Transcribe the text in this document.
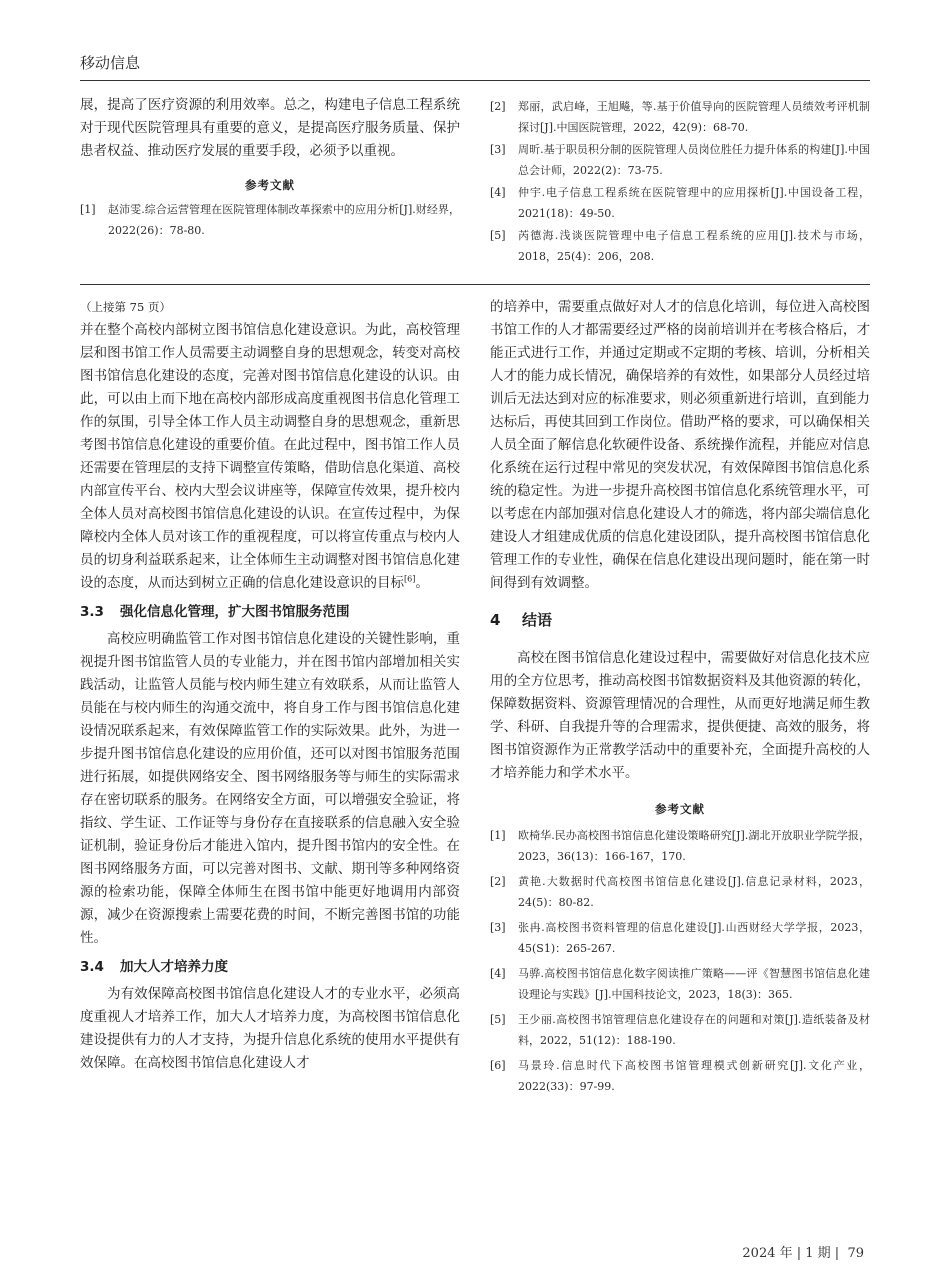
移动信息

展，提高了医疗资源的利用效率。总之，构建电子信息工程系统对于现代医院管理具有重要的意义，是提高医疗服务质量、保护患者权益、推动医疗发展的重要手段，必须予以重视。

参考文献

[1]	赵沛雯.综合运营管理在医院管理体制改革探索中的应用分析[J].财经界，2022(26)：78-80.
[2]	郑丽，武启峰，王旭飚，等.基于价值导向的医院管理人员绩效考评机制探讨[J].中国医院管理，2022，42(9)：68-70.
[3]	周昕.基于职员积分制的医院管理人员岗位胜任力提升体系的构建[J].中国总会计师，2022(2)：73-75.
[4]	仲宇.电子信息工程系统在医院管理中的应用探析[J].中国设备工程，2021(18)：49-50.
[5]	芮德海.浅谈医院管理中电子信息工程系统的应用[J].技术与市场，2018，25(4)：206，208.

（上接第 75 页）

并在整个高校内部树立图书馆信息化建设意识。为此，高校管理层和图书馆工作人员需要主动调整自身的思想观念，转变对高校图书馆信息化建设的态度，完善对图书馆信息化建设的认识。由此，可以由上而下地在高校内部形成高度重视图书信息化管理工作的氛围，引导全体工作人员主动调整自身的思想观念，重新思考图书馆信息化建设的重要价值。在此过程中，图书馆工作人员还需要在管理层的支持下调整宣传策略，借助信息化渠道、高校内部宣传平台、校内大型会议讲座等，保障宣传效果，提升校内全体人员对高校图书馆信息化建设的认识。在宣传过程中，为保障校内全体人员对该工作的重视程度，可以将宣传重点与校内人员的切身利益联系起来，让全体师生主动调整对图书馆信息化建设的态度，从而达到树立正确的信息化建设意识的目标[6]。

3.3 强化信息化管理，扩大图书馆服务范围

高校应明确监管工作对图书馆信息化建设的关键性影响，重视提升图书馆监管人员的专业能力，并在图书馆内部增加相关实践活动，让监管人员能与校内师生建立有效联系，从而让监管人员能在与校内师生的沟通交流中，将自身工作与图书馆信息化建设情况联系起来，有效保障监管工作的实际效果。此外，为进一步提升图书馆信息化建设的应用价值，还可以对图书馆服务范围进行拓展，如提供网络安全、图书网络服务等与师生的实际需求存在密切联系的服务。在网络安全方面，可以增强安全验证，将指纹、学生证、工作证等与身份存在直接联系的信息融入安全验证机制，验证身份后才能进入馆内，提升图书馆内的安全性。在图书网络服务方面，可以完善对图书、文献、期刊等多种网络资源的检索功能，保障全体师生在图书馆中能更好地调用内部资源，减少在资源搜索上需要花费的时间，不断完善图书馆的功能性。

3.4 加大人才培养力度

为有效保障高校图书馆信息化建设人才的专业水平，必须高度重视人才培养工作，加大人才培养力度，为高校图书馆信息化建设提供有力的人才支持，为提升信息化系统的使用水平提供有效保障。在高校图书馆信息化建设人才

的培养中，需要重点做好对人才的信息化培训，每位进入高校图书馆工作的人才都需要经过严格的岗前培训并在考核合格后，才能正式进行工作，并通过定期或不定期的考核、培训，分析相关人才的能力成长情况，确保培养的有效性，如果部分人员经过培训后无法达到对应的标准要求，则必须重新进行培训，直到能力达标后，再使其回到工作岗位。借助严格的要求，可以确保相关人员全面了解信息化软硬件设备、系统操作流程，并能应对信息化系统在运行过程中常见的突发状况，有效保障图书馆信息化系统的稳定性。为进一步提升高校图书馆信息化系统管理水平，可以考虑在内部加强对信息化建设人才的筛选，将内部尖端信息化建设人才组建成优质的信息化建设团队，提升高校图书馆信息化管理工作的专业性，确保在信息化建设出现问题时，能在第一时间得到有效调整。

4 结语

高校在图书馆信息化建设过程中，需要做好对信息化技术应用的全方位思考，推动高校图书馆数据资料及其他资源的转化，保障数据资料、资源管理情况的合理性，从而更好地满足师生教学、科研、自我提升等的合理需求，提供便捷、高效的服务，将图书馆资源作为正常教学活动中的重要补充，全面提升高校的人才培养能力和学术水平。

参考文献

[1]	欧椅华.民办高校图书馆信息化建设策略研究[J].湖北开放职业学院学报，2023，36(13)：166-167，170.
[2]	黄艳.大数据时代高校图书馆信息化建设[J].信息记录材料，2023，24(5)：80-82.
[3]	张冉.高校图书资料管理的信息化建设[J].山西财经大学学报，2023，45(S1)：265-267.
[4]	马骅.高校图书馆信息化数字阅读推广策略——评《智慧图书馆信息化建设理论与实践》[J].中国科技论文，2023，18(3)：365.
[5]	王少丽.高校图书馆管理信息化建设存在的问题和对策[J].造纸装备及材料，2022，51(12)：188-190.
[6]	马景玲.信息时代下高校图书馆管理模式创新研究[J].文化产业，2022(33)：97-99.
2024 年 | 1 期 |  79
